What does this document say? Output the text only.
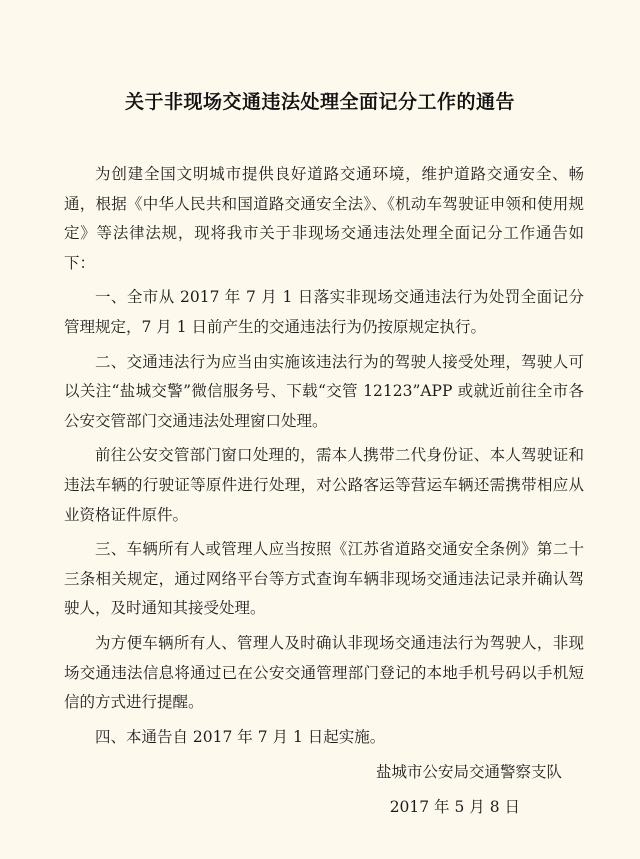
关于非现场交通违法处理全面记分工作的通告

为创建全国文明城市提供良好道路交通环境，维护道路交通安全、畅通，根据《中华人民共和国道路交通安全法》、《机动车驾驶证申领和使用规定》等法律法规，现将我市关于非现场交通违法处理全面记分工作通告如下：

一、全市从 2017 年 7 月 1 日落实非现场交通违法行为处罚全面记分管理规定，7 月 1 日前产生的交通违法行为仍按原规定执行。

二、交通违法行为应当由实施该违法行为的驾驶人接受处理，驾驶人可以关注“盐城交警”微信服务号、下载“交管 12123”APP 或就近前往全市各公安交管部门交通违法处理窗口处理。

前往公安交管部门窗口处理的，需本人携带二代身份证、本人驾驶证和违法车辆的行驶证等原件进行处理，对公路客运等营运车辆还需携带相应从业资格证件原件。

三、车辆所有人或管理人应当按照《江苏省道路交通安全条例》第二十三条相关规定，通过网络平台等方式查询车辆非现场交通违法记录并确认驾驶人，及时通知其接受处理。

为方便车辆所有人、管理人及时确认非现场交通违法行为驾驶人，非现场交通违法信息将通过已在公安交通管理部门登记的本地手机号码以手机短信的方式进行提醒。

四、本通告自 2017 年 7 月 1 日起实施。

盐城市公安局交通警察支队
2017 年 5 月 8 日
